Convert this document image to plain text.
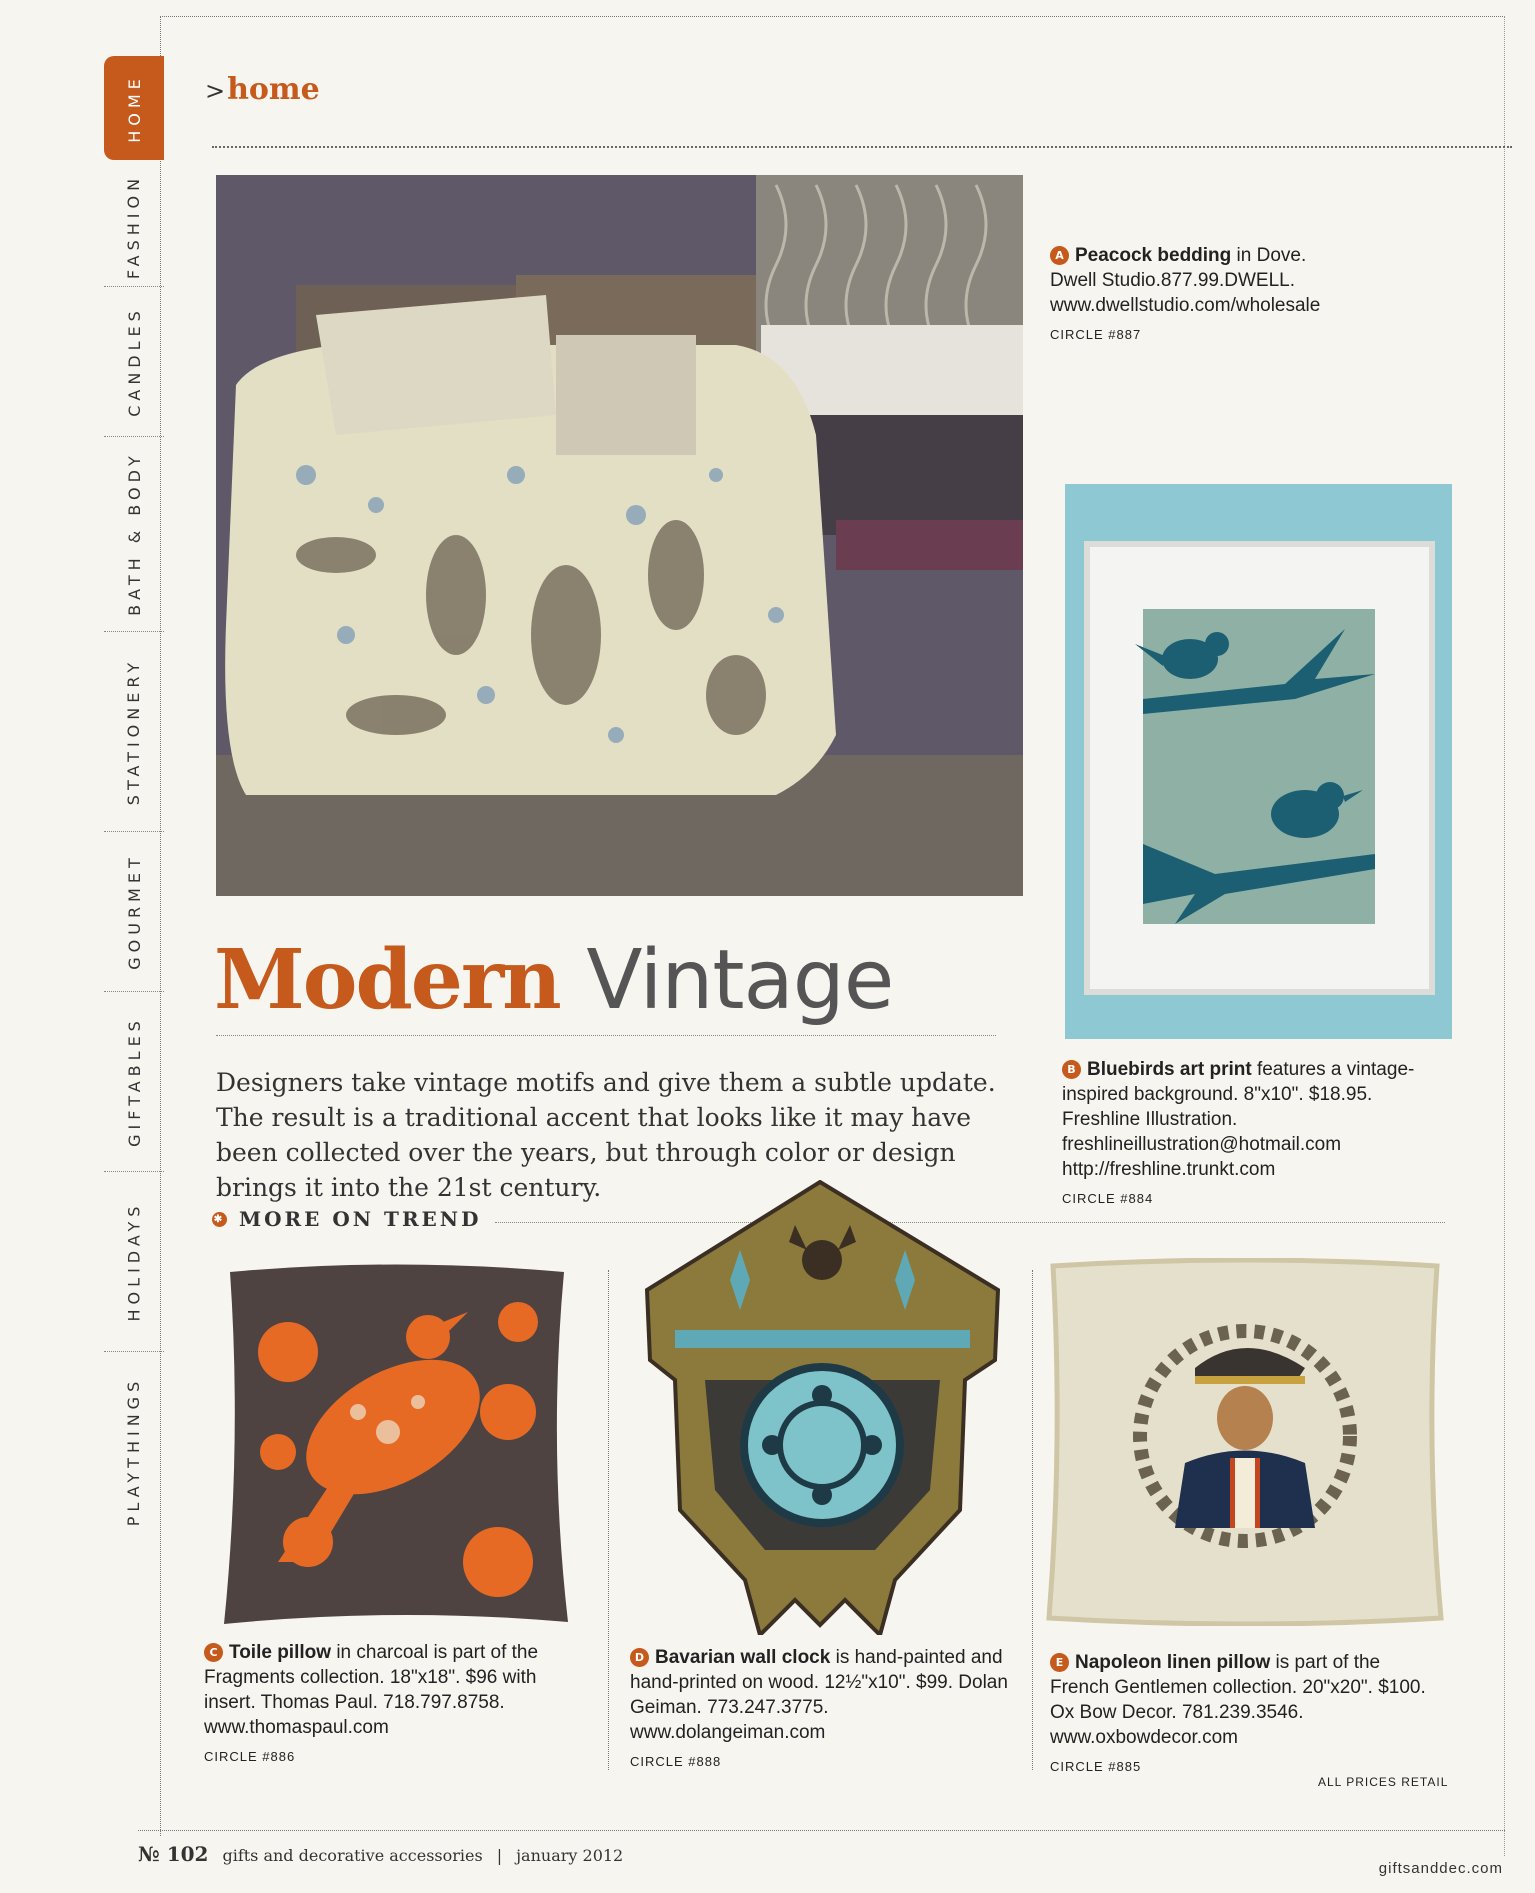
HOME
FASHION
CANDLES
BATH & BODY
STATIONERY
GOURMET
GIFTABLES
HOLIDAYS
PLAYTHINGS
>home
A Peacock bedding in Dove.
Dwell Studio.877.99.DWELL.
www.dwellstudio.com/wholesale
CIRCLE #887
Modern Vintage

Designers take vintage motifs and give them a subtle update. The result is a traditional accent that looks like it may have been collected over the years, but through color or design brings it into the 21st century.

B Bluebirds art print features a vintage-inspired background. 8"x10". $18.95.
Freshline Illustration.
freshlineillustration@hotmail.com
http://freshline.trunkt.com
CIRCLE #884
✱ MORE ON TREND
C Toile pillow in charcoal is part of the Fragments collection. 18"x18". $96 with insert. Thomas Paul. 718.797.8758.
www.thomaspaul.com
CIRCLE #886
D Bavarian wall clock is hand-painted and hand-printed on wood. 12½"x10". $99. Dolan Geiman. 773.247.3775.
www.dolangeiman.com
CIRCLE #888
E Napoleon linen pillow is part of the French Gentlemen collection. 20"x20". $100. Ox Bow Decor. 781.239.3546.
www.oxbowdecor.com
CIRCLE #885
ALL PRICES RETAIL
№ 102 gifts and decorative accessories | january 2012
giftsanddec.com
